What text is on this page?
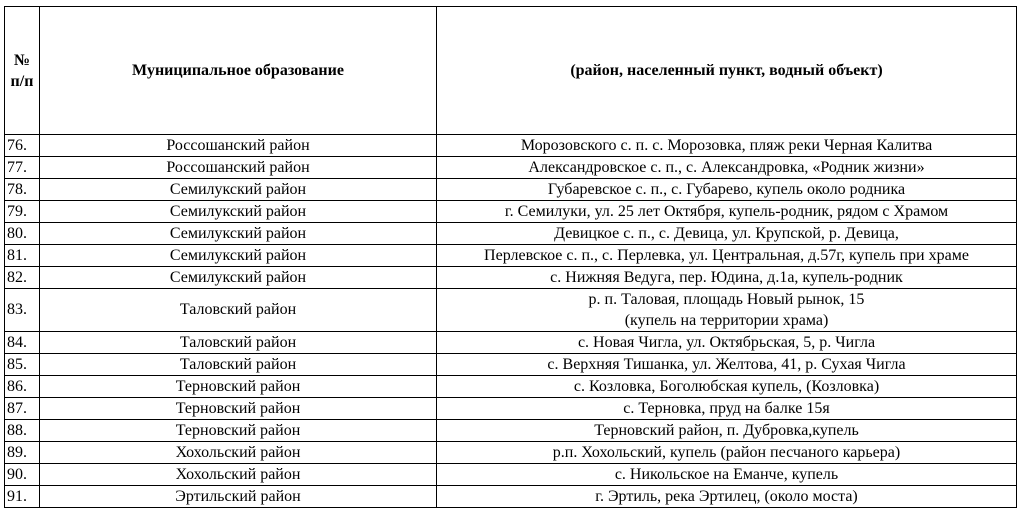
№
п/п	Муниципальное образование	(район, населенный пункт, водный объект)
76.	Россошанский район	Морозовского с. п. с. Морозовка, пляж реки Черная Калитва
77.	Россошанский район	Александровское с. п., с. Александровка, «Родник жизни»
78.	Семилукский район	Губаревское с. п., с. Губарево, купель около родника
79.	Семилукский район	г. Семилуки, ул. 25 лет Октября, купель-родник, рядом с Храмом
80.	Семилукский район	Девицкое с. п., с. Девица, ул. Крупской, р. Девица,
81.	Семилукский район	Перлевское с. п., с. Перлевка, ул. Центральная, д.57г, купель при храме
82.	Семилукский район	с. Нижняя Ведуга, пер. Юдина, д.1а, купель-родник
83.	Таловский район	р. п. Таловая, площадь Новый рынок, 15
(купель на территории храма)
84.	Таловский район	с. Новая Чигла, ул. Октябрьская, 5, р. Чигла
85.	Таловский район	с. Верхняя Тишанка, ул. Желтова, 41, р. Сухая Чигла
86.	Терновский район	с. Козловка, Боголюбская купель, (Козловка)
87.	Терновский район	с. Терновка, пруд на балке 15я
88.	Терновский район	Терновский район, п. Дубровка,купель
89.	Хохольский район	р.п. Хохольский, купель (район песчаного карьера)
90.	Хохольский район	с. Никольское на Еманче, купель
91.	Эртильский район	г. Эртиль, река Эртилец, (около моста)
